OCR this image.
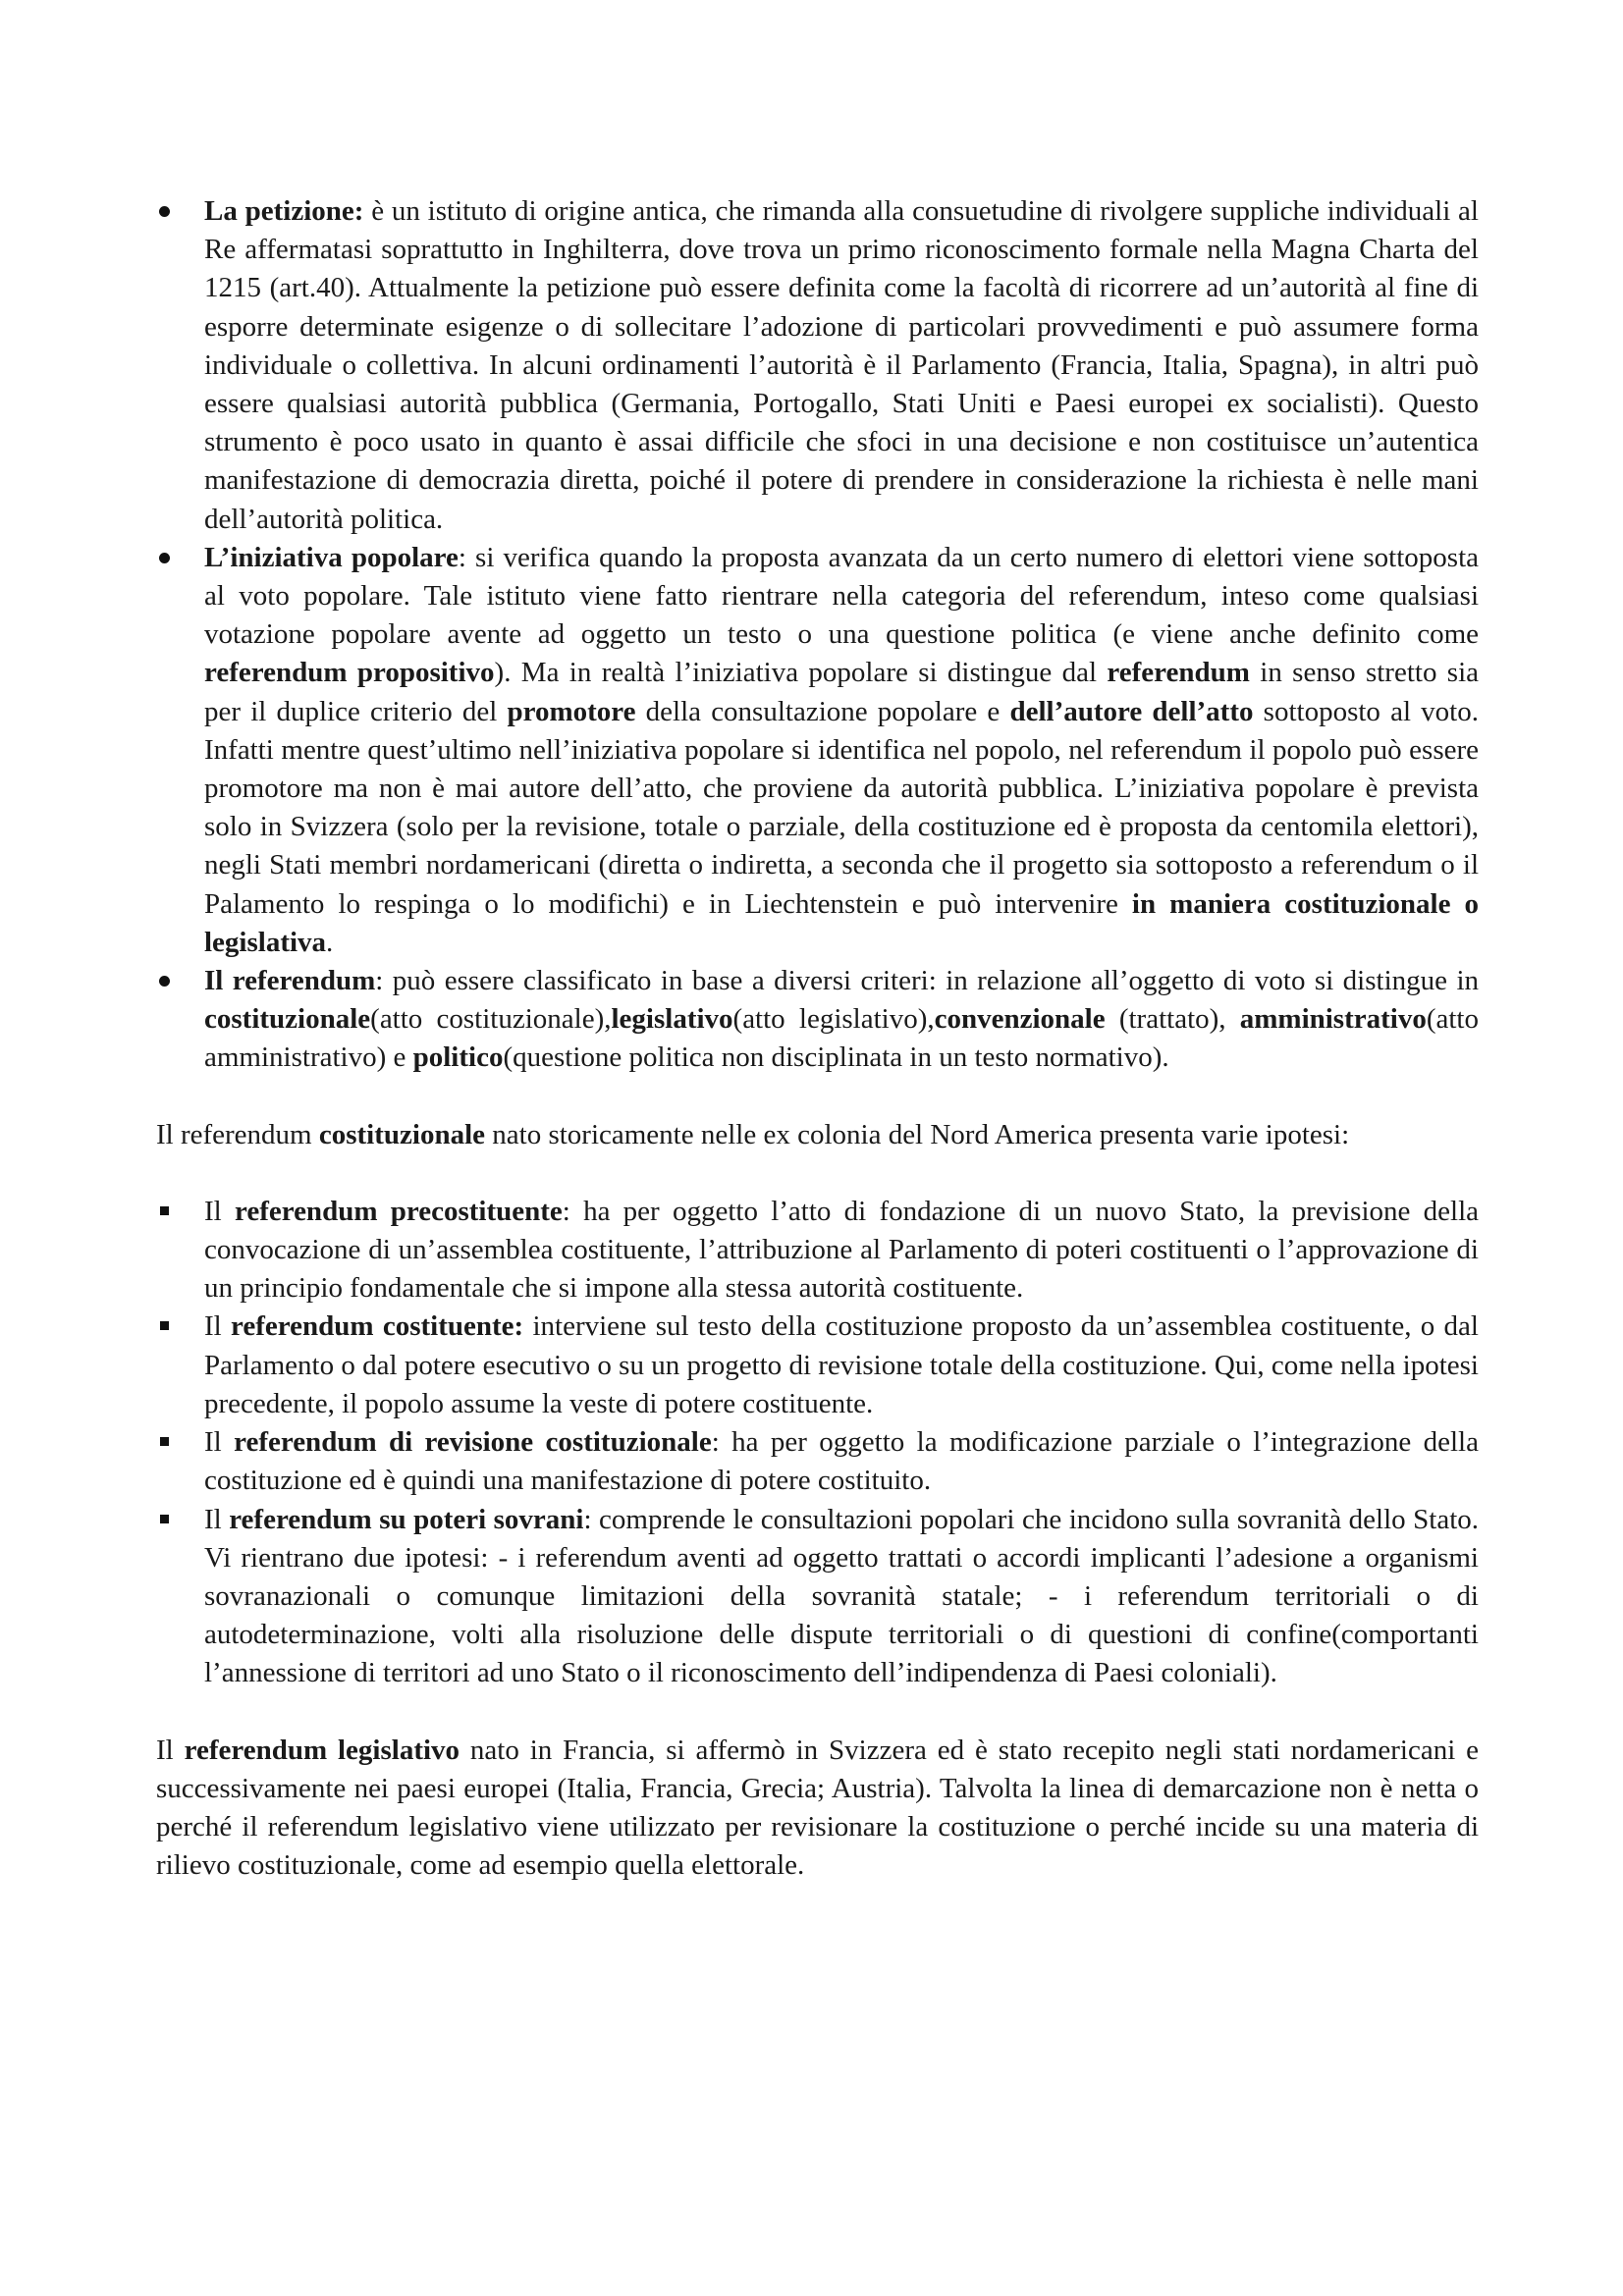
La petizione: è un istituto di origine antica, che rimanda alla consuetudine di rivolgere suppliche individuali al Re affermatasi soprattutto in Inghilterra, dove trova un primo riconoscimento formale nella Magna Charta del 1215 (art.40). Attualmente la petizione può essere definita come la facoltà di ricorrere ad un’autorità al fine di esporre determinate esigenze o di sollecitare l’adozione di particolari provvedimenti e può assumere forma individuale o collettiva. In alcuni ordinamenti l’autorità è il Parlamento (Francia, Italia, Spagna), in altri può essere qualsiasi autorità pubblica (Germania, Portogallo, Stati Uniti e Paesi europei ex socialisti). Questo strumento è poco usato in quanto è assai difficile che sfoci in una decisione e non costituisce un’autentica manifestazione di democrazia diretta, poiché il potere di prendere in considerazione la richiesta è nelle mani dell’autorità politica.
L’iniziativa popolare: si verifica quando la proposta avanzata da un certo numero di elettori viene sottoposta al voto popolare. Tale istituto viene fatto rientrare nella categoria del referendum, inteso come qualsiasi votazione popolare avente ad oggetto un testo o una questione politica (e viene anche definito come referendum propositivo). Ma in realtà l’iniziativa popolare si distingue dal referendum in senso stretto sia per il duplice criterio del promotore della consultazione popolare e dell’autore dell’atto sottoposto al voto. Infatti mentre quest’ultimo nell’iniziativa popolare si identifica nel popolo, nel referendum il popolo può essere promotore ma non è mai autore dell’atto, che proviene da autorità pubblica. L’iniziativa popolare è prevista solo in Svizzera (solo per la revisione, totale o parziale, della costituzione ed è proposta da centomila elettori), negli Stati membri nordamericani (diretta o indiretta, a seconda che il progetto sia sottoposto a referendum o il Palamento lo respinga o lo modifichi) e in Liechtenstein e può intervenire in maniera costituzionale o legislativa.
Il referendum: può essere classificato in base a diversi criteri: in relazione all’oggetto di voto si distingue in costituzionale(atto costituzionale),legislativo(atto legislativo),convenzionale (trattato), amministrativo(atto amministrativo) e politico(questione politica non disciplinata in un testo normativo).

Il referendum costituzionale nato storicamente nelle ex colonia del Nord America presenta varie ipotesi:

Il referendum precostituente: ha per oggetto l’atto di fondazione di un nuovo Stato, la previsione della convocazione di un’assemblea costituente, l’attribuzione al Parlamento di poteri costituenti o l’approvazione di un principio fondamentale che si impone alla stessa autorità costituente.
Il referendum costituente: interviene sul testo della costituzione proposto da un’assemblea costituente, o dal Parlamento o dal potere esecutivo o su un progetto di revisione totale della costituzione. Qui, come nella ipotesi precedente, il popolo assume la veste di potere costituente.
Il referendum di revisione costituzionale: ha per oggetto la modificazione parziale o l’integrazione della costituzione ed è quindi una manifestazione di potere costituito.
Il referendum su poteri sovrani: comprende le consultazioni popolari che incidono sulla sovranità dello Stato. Vi rientrano due ipotesi: - i referendum aventi ad oggetto trattati o accordi implicanti l’adesione a organismi sovranazionali o comunque limitazioni della sovranità statale; - i referendum territoriali o di autodeterminazione, volti alla risoluzione delle dispute territoriali o di questioni di confine(comportanti l’annessione di territori ad uno Stato o il riconoscimento dell’indipendenza di Paesi coloniali).

Il referendum legislativo nato in Francia, si affermò in Svizzera ed è stato recepito negli stati nordamericani e successivamente nei paesi europei (Italia, Francia, Grecia; Austria). Talvolta la linea di demarcazione non è netta o perché il referendum legislativo viene utilizzato per revisionare la costituzione o perché incide su una materia di rilievo costituzionale, come ad esempio quella elettorale.
